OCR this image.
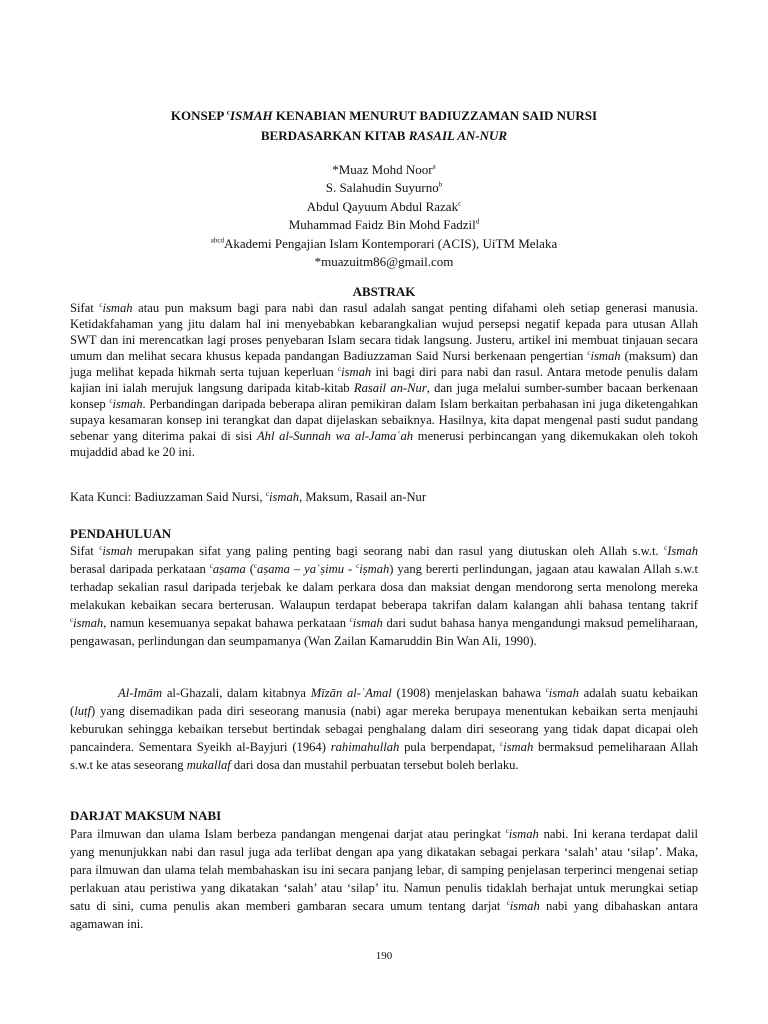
KONSEP $^c$ISMAH KENABIAN MENURUT BADIUZZAMAN SAID NURSI
BERDASARKAN KITAB RASAIL AN-NUR
*Muaz Mohd Noor$^a$
S. Salahudin Suyurno$^b$
Abdul Qayuum Abdul Razak$^c$
Muhammad Faidz Bin Mohd Fadzil$^d$
$^{abcd}$Akademi Pengajian Islam Kontemporari (ACIS), UiTM Melaka
*muazuitm86@gmail.com
ABSTRAK

Sifat $^c$ismah atau pun maksum bagi para nabi dan rasul adalah sangat penting difahami oleh setiap generasi manusia. Ketidakfahaman yang jitu dalam hal ini menyebabkan kebarangkalian wujud persepsi negatif kepada para utusan Allah SWT dan ini merencatkan lagi proses penyebaran Islam secara tidak langsung. Justeru, artikel ini membuat tinjauan secara umum dan melihat secara khusus kepada pandangan Badiuzzaman Said Nursi berkenaan pengertian $^c$ismah (maksum) dan juga melihat kepada hikmah serta tujuan keperluan $^c$ismah ini bagi diri para nabi dan rasul. Antara metode penulis dalam kajian ini ialah merujuk langsung daripada kitab-kitab Rasail an-Nur, dan juga melalui sumber-sumber bacaan berkenaan konsep $^c$ismah. Perbandingan daripada beberapa aliran pemikiran dalam Islam berkaitan perbahasan ini juga diketengahkan supaya kesamaran konsep ini terangkat dan dapat dijelaskan sebaiknya. Hasilnya, kita dapat mengenal pasti sudut pandang sebenar yang diterima pakai di sisi Ahl al-Sunnah wa al-Jamaʿah menerusi perbincangan yang dikemukakan oleh tokoh mujaddid abad ke 20 ini.

Kata Kunci: Badiuzzaman Said Nursi, $^c$ismah, Maksum, Rasail an-Nur

PENDAHULUAN

Sifat $^c$ismah merupakan sifat yang paling penting bagi seorang nabi dan rasul yang diutuskan oleh Allah s.w.t. $^c$Ismah berasal daripada perkataan $^c$aṣama ($^c$aṣama – yaʿṣimu - $^c$iṣmah) yang bererti perlindungan, jagaan atau kawalan Allah s.w.t terhadap sekalian rasul daripada terjebak ke dalam perkara dosa dan maksiat dengan mendorong serta menolong mereka melakukan kebaikan secara berterusan. Walaupun terdapat beberapa takrifan dalam kalangan ahli bahasa tentang takrif $^c$ismah, namun kesemuanya sepakat bahawa perkataan $^c$ismah dari sudut bahasa hanya mengandungi maksud pemeliharaan, pengawasan, perlindungan dan seumpamanya (Wan Zailan Kamaruddin Bin Wan Ali, 1990).

Al-Imām al-Ghazali, dalam kitabnya Mīzān al-ʿAmal (1908) menjelaskan bahawa $^c$ismah adalah suatu kebaikan (luṭf) yang disemadikan pada diri seseorang manusia (nabi) agar mereka berupaya menentukan kebaikan serta menjauhi keburukan sehingga kebaikan tersebut bertindak sebagai penghalang dalam diri seseorang yang tidak dapat dicapai oleh pancaindera. Sementara Syeikh al-Bayjuri (1964) rahimahullah pula berpendapat, $^c$ismah bermaksud pemeliharaan Allah s.w.t ke atas seseorang mukallaf dari dosa dan mustahil perbuatan tersebut boleh berlaku.

DARJAT MAKSUM NABI

Para ilmuwan dan ulama Islam berbeza pandangan mengenai darjat atau peringkat $^c$ismah nabi. Ini kerana terdapat dalil yang menunjukkan nabi dan rasul juga ada terlibat dengan apa yang dikatakan sebagai perkara ‘salah’ atau ‘silap’. Maka, para ilmuwan dan ulama telah membahaskan isu ini secara panjang lebar, di samping penjelasan terperinci mengenai setiap perlakuan atau peristiwa yang dikatakan ‘salah’ atau ‘silap’ itu. Namun penulis tidaklah berhajat untuk merungkai setiap satu di sini, cuma penulis akan memberi gambaran secara umum tentang darjat $^c$ismah nabi yang dibahaskan antara agamawan ini.

190
